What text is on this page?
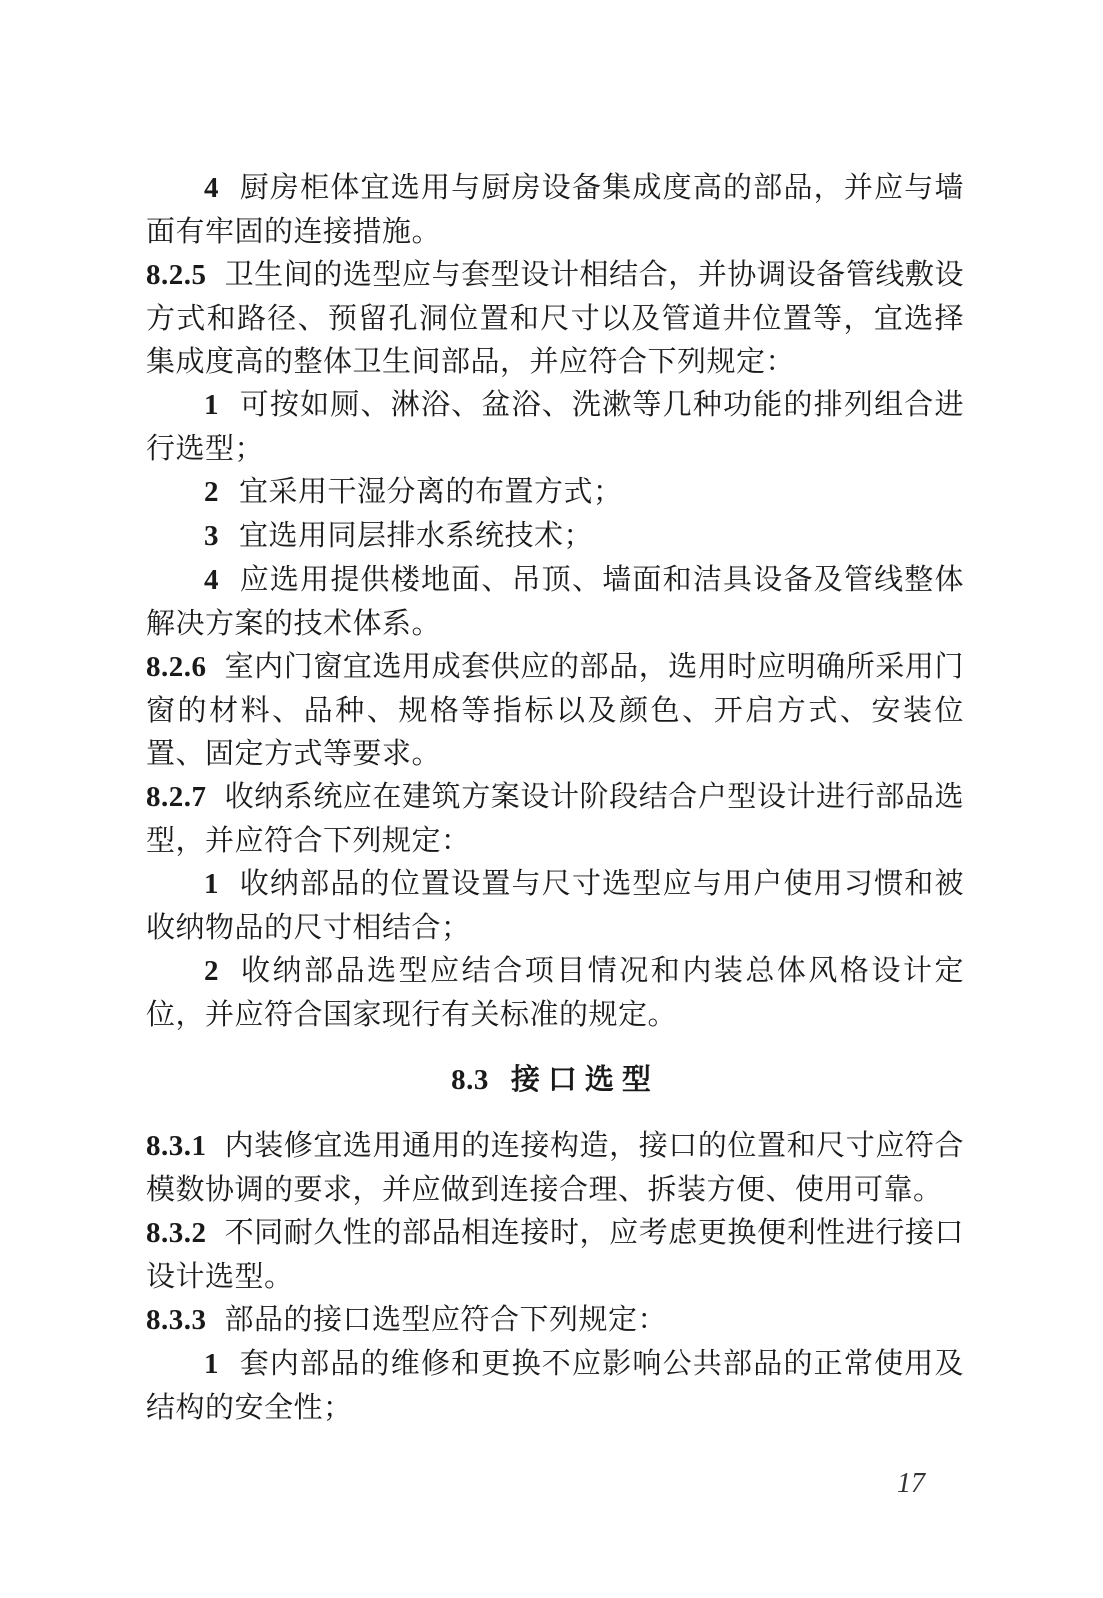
4 厨房柜体宜选用与厨房设备集成度高的部品，并应与墙面有牢固的连接措施。

8.2.5 卫生间的选型应与套型设计相结合，并协调设备管线敷设方式和路径、预留孔洞位置和尺寸以及管道井位置等，宜选择集成度高的整体卫生间部品，并应符合下列规定：

1 可按如厕、淋浴、盆浴、洗漱等几种功能的排列组合进行选型；

2 宜采用干湿分离的布置方式；

3 宜选用同层排水系统技术；

4 应选用提供楼地面、吊顶、墙面和洁具设备及管线整体解决方案的技术体系。

8.2.6 室内门窗宜选用成套供应的部品，选用时应明确所采用门窗的材料、品种、规格等指标以及颜色、开启方式、安装位置、固定方式等要求。

8.2.7 收纳系统应在建筑方案设计阶段结合户型设计进行部品选型，并应符合下列规定：

1 收纳部品的位置设置与尺寸选型应与用户使用习惯和被收纳物品的尺寸相结合；

2 收纳部品选型应结合项目情况和内装总体风格设计定位，并应符合国家现行有关标准的规定。

8.3 接口选型

8.3.1 内装修宜选用通用的连接构造，接口的位置和尺寸应符合模数协调的要求，并应做到连接合理、拆装方便、使用可靠。

8.3.2 不同耐久性的部品相连接时，应考虑更换便利性进行接口设计选型。

8.3.3 部品的接口选型应符合下列规定：

1 套内部品的维修和更换不应影响公共部品的正常使用及结构的安全性；

17
